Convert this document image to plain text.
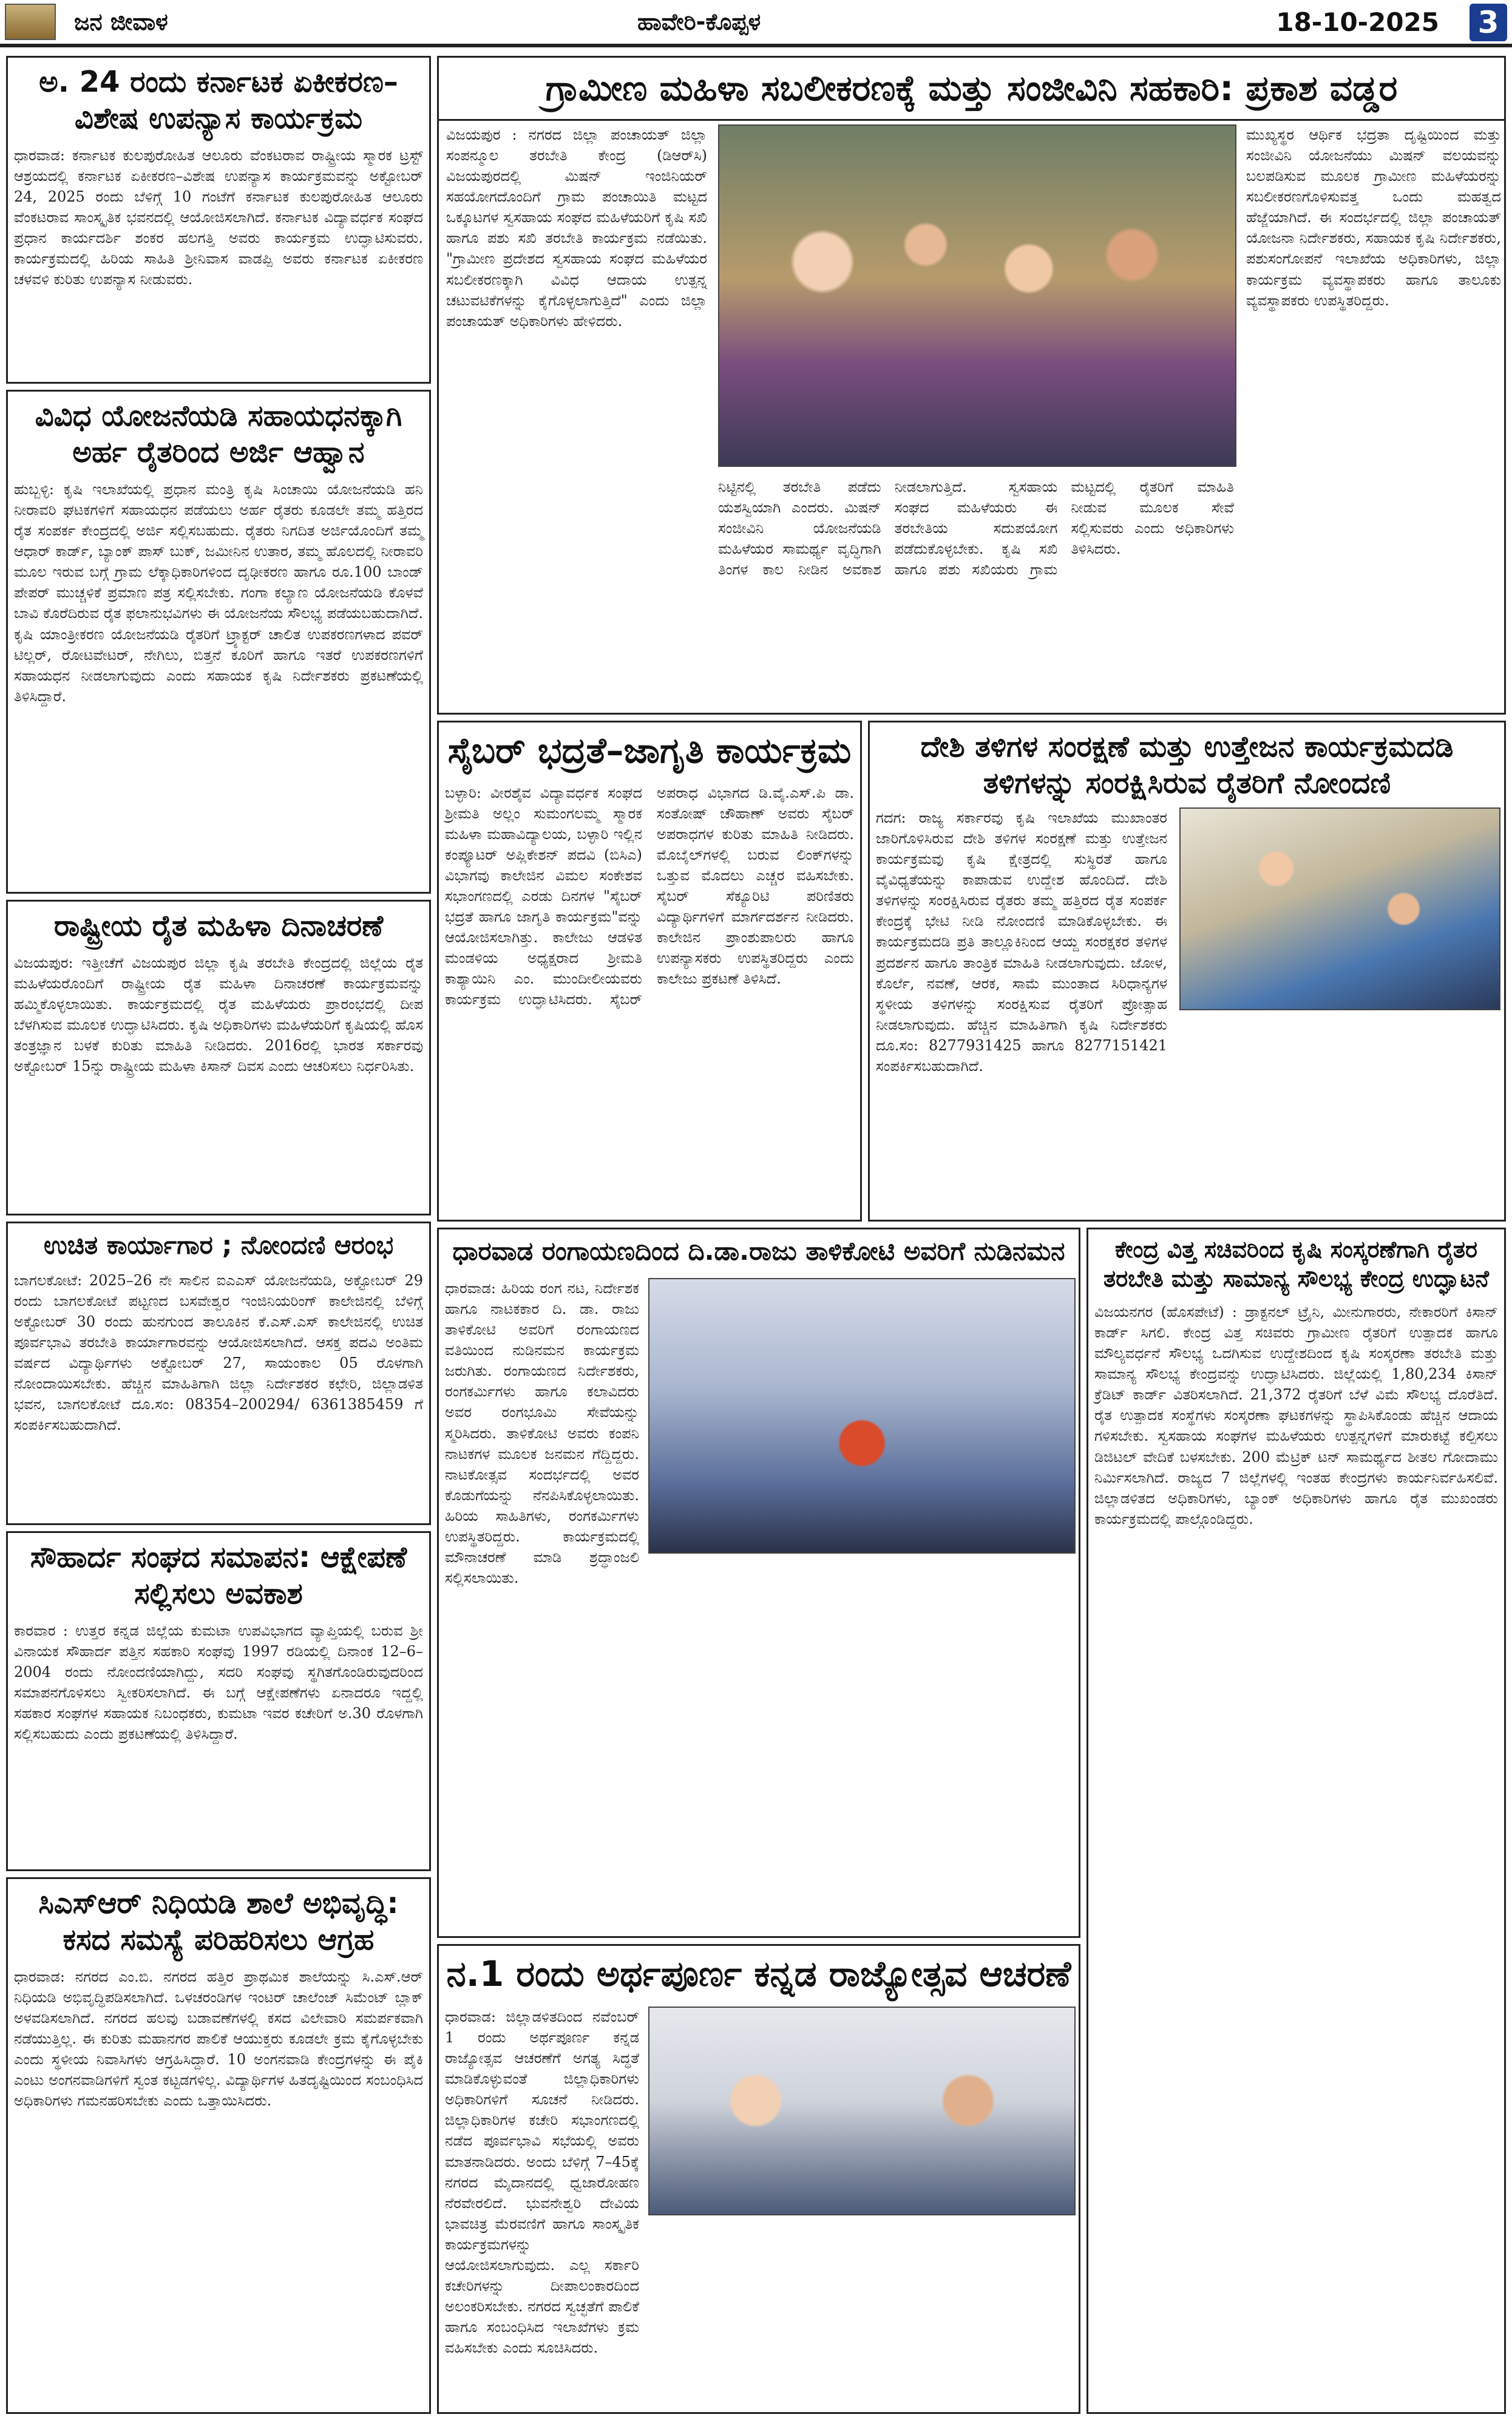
ಜನ ಜೀವಾಳ	ಹಾವೇರಿ-ಕೊಪ್ಪಳ	18-10-2025 3
ಅ. 24 ರಂದು ಕರ್ನಾಟಕ ಏಕೀಕರಣ–ವಿಶೇಷ ಉಪನ್ಯಾಸ ಕಾರ್ಯಕ್ರಮ
ಧಾರವಾಡ: ಕರ್ನಾಟಕ ಕುಲಪುರೋಹಿತ ಆಲೂರು ವೆಂಕಟರಾವ ರಾಷ್ಟ್ರೀಯ ಸ್ಮಾರಕ ಟ್ರಸ್ಟ್ ಆಶ್ರಯದಲ್ಲಿ ಕರ್ನಾಟಕ ಏಕೀಕರಣ–ವಿಶೇಷ ಉಪನ್ಯಾಸ ಕಾರ್ಯಕ್ರಮವನ್ನು ಅಕ್ಟೋಬರ್ 24, 2025 ರಂದು ಬೆಳಿಗ್ಗೆ 10 ಗಂಟೆಗೆ ಕರ್ನಾಟಕ ಕುಲಪುರೋಹಿತ ಆಲೂರು ವೆಂಕಟರಾವ ಸಾಂಸ್ಕೃತಿಕ ಭವನದಲ್ಲಿ ಆಯೋಜಿಸಲಾಗಿದೆ. ಕರ್ನಾಟಕ ವಿದ್ಯಾವರ್ಧಕ ಸಂಘದ ಪ್ರಧಾನ ಕಾರ್ಯದರ್ಶಿ ಶಂಕರ ಹಲಗತ್ತಿ ಅವರು ಕಾರ್ಯಕ್ರಮ ಉದ್ಘಾಟಿಸುವರು. ಕಾರ್ಯಕ್ರಮದಲ್ಲಿ ಹಿರಿಯ ಸಾಹಿತಿ ಶ್ರೀನಿವಾಸ ವಾಡಪ್ಪಿ ಅವರು ಕರ್ನಾಟಕ ಏಕೀಕರಣ ಚಳವಳಿ ಕುರಿತು ಉಪನ್ಯಾಸ ನೀಡುವರು.
ವಿವಿಧ ಯೋಜನೆಯಡಿ ಸಹಾಯಧನಕ್ಕಾಗಿ ಅರ್ಹ ರೈತರಿಂದ ಅರ್ಜಿ ಆಹ್ವಾನ
ಹುಬ್ಬಳ್ಳಿ: ಕೃಷಿ ಇಲಾಖೆಯಲ್ಲಿ ಪ್ರಧಾನ ಮಂತ್ರಿ ಕೃಷಿ ಸಿಂಚಾಯಿ ಯೋಜನೆಯಡಿ ಹನಿ ನೀರಾವರಿ ಘಟಕಗಳಿಗೆ ಸಹಾಯಧನ ಪಡೆಯಲು ಅರ್ಹ ರೈತರು ಕೂಡಲೇ ತಮ್ಮ ಹತ್ತಿರದ ರೈತ ಸಂಪರ್ಕ ಕೇಂದ್ರದಲ್ಲಿ ಅರ್ಜಿ ಸಲ್ಲಿಸಬಹುದು. ರೈತರು ನಿಗದಿತ ಅರ್ಜಿಯೊಂದಿಗೆ ತಮ್ಮ ಆಧಾರ್ ಕಾರ್ಡ್, ಬ್ಯಾಂಕ್ ಪಾಸ್ ಬುಕ್, ಜಮೀನಿನ ಉತಾರ, ತಮ್ಮ ಹೊಲದಲ್ಲಿ ನೀರಾವರಿ ಮೂಲ ಇರುವ ಬಗ್ಗೆ ಗ್ರಾಮ ಲೆಕ್ಕಾಧಿಕಾರಿಗಳಿಂದ ದೃಢೀಕರಣ ಹಾಗೂ ರೂ.100 ಬಾಂಡ್ ಪೇಪರ್ ಮುಚ್ಚಳಿಕೆ ಪ್ರಮಾಣ ಪತ್ರ ಸಲ್ಲಿಸಬೇಕು. ಗಂಗಾ ಕಲ್ಯಾಣ ಯೋಜನೆಯಡಿ ಕೊಳವೆ ಬಾವಿ ಕೊರೆದಿರುವ ರೈತ ಫಲಾನುಭವಿಗಳು ಈ ಯೋಜನೆಯ ಸೌಲಭ್ಯ ಪಡೆಯಬಹುದಾಗಿದೆ. ಕೃಷಿ ಯಾಂತ್ರೀಕರಣ ಯೋಜನೆಯಡಿ ರೈತರಿಗೆ ಟ್ರ್ಯಾಕ್ಟರ್ ಚಾಲಿತ ಉಪಕರಣಗಳಾದ ಪವರ್ ಟಿಲ್ಲರ್, ರೋಟವೇಟರ್, ನೇಗಿಲು, ಬಿತ್ತನೆ ಕೂರಿಗೆ ಹಾಗೂ ಇತರೆ ಉಪಕರಣಗಳಿಗೆ ಸಹಾಯಧನ ನೀಡಲಾಗುವುದು ಎಂದು ಸಹಾಯಕ ಕೃಷಿ ನಿರ್ದೇಶಕರು ಪ್ರಕಟಣೆಯಲ್ಲಿ ತಿಳಿಸಿದ್ದಾರೆ.
ರಾಷ್ಟ್ರೀಯ ರೈತ ಮಹಿಳಾ ದಿನಾಚರಣೆ
ವಿಜಯಪುರ: ಇತ್ತೀಚೆಗೆ ವಿಜಯಪುರ ಜಿಲ್ಲಾ ಕೃಷಿ ತರಬೇತಿ ಕೇಂದ್ರದಲ್ಲಿ ಜಿಲ್ಲೆಯ ರೈತ ಮಹಿಳೆಯರೊಂದಿಗೆ ರಾಷ್ಟ್ರೀಯ ರೈತ ಮಹಿಳಾ ದಿನಾಚರಣೆ ಕಾರ್ಯಕ್ರಮವನ್ನು ಹಮ್ಮಿಕೊಳ್ಳಲಾಯಿತು. ಕಾರ್ಯಕ್ರಮದಲ್ಲಿ ರೈತ ಮಹಿಳೆಯರು ಪ್ರಾರಂಭದಲ್ಲಿ ದೀಪ ಬೆಳಗಿಸುವ ಮೂಲಕ ಉದ್ಘಾಟಿಸಿದರು. ಕೃಷಿ ಅಧಿಕಾರಿಗಳು ಮಹಿಳೆಯರಿಗೆ ಕೃಷಿಯಲ್ಲಿ ಹೊಸ ತಂತ್ರಜ್ಞಾನ ಬಳಕೆ ಕುರಿತು ಮಾಹಿತಿ ನೀಡಿದರು. 2016ರಲ್ಲಿ ಭಾರತ ಸರ್ಕಾರವು ಅಕ್ಟೋಬರ್ 15ನ್ನು ರಾಷ್ಟ್ರೀಯ ಮಹಿಳಾ ಕಿಸಾನ್ ದಿವಸ ಎಂದು ಆಚರಿಸಲು ನಿರ್ಧರಿಸಿತು.
ಉಚಿತ ಕಾರ್ಯಾಗಾರ ; ನೋಂದಣಿ ಆರಂಭ
ಬಾಗಲಕೋಟೆ: 2025–26 ನೇ ಸಾಲಿನ ಐಎಎಸ್ ಯೋಜನೆಯಡಿ, ಅಕ್ಟೋಬರ್ 29 ರಂದು ಬಾಗಲಕೋಟೆ ಪಟ್ಟಣದ ಬಸವೇಶ್ವರ ಇಂಜಿನಿಯರಿಂಗ್ ಕಾಲೇಜಿನಲ್ಲಿ ಬೆಳಿಗ್ಗೆ ಅಕ್ಟೋಬರ್ 30 ರಂದು ಹುನಗುಂದ ತಾಲೂಕಿನ ಕೆ.ಎಸ್.ಎಸ್ ಕಾಲೇಜಿನಲ್ಲಿ ಉಚಿತ ಪೂರ್ವಭಾವಿ ತರಬೇತಿ ಕಾರ್ಯಾಗಾರವನ್ನು ಆಯೋಜಿಸಲಾಗಿದೆ. ಆಸಕ್ತ ಪದವಿ ಅಂತಿಮ ವರ್ಷದ ವಿದ್ಯಾರ್ಥಿಗಳು ಅಕ್ಟೋಬರ್ 27, ಸಾಯಂಕಾಲ 05 ರೊಳಗಾಗಿ ನೋಂದಾಯಿಸಬೇಕು. ಹೆಚ್ಚಿನ ಮಾಹಿತಿಗಾಗಿ ಜಿಲ್ಲಾ ನಿರ್ದೇಶಕರ ಕಛೇರಿ, ಜಿಲ್ಲಾಡಳಿತ ಭವನ, ಬಾಗಲಕೋಟೆ ದೂ.ಸಂ: 08354–200294/ 6361385459 ಗೆ ಸಂಪರ್ಕಿಸಬಹುದಾಗಿದೆ.
ಸೌಹಾರ್ದ ಸಂಘದ ಸಮಾಪನ: ಆಕ್ಷೇಪಣೆ ಸಲ್ಲಿಸಲು ಅವಕಾಶ
ಕಾರವಾರ : ಉತ್ತರ ಕನ್ನಡ ಜಿಲ್ಲೆಯ ಕುಮಟಾ ಉಪವಿಭಾಗದ ವ್ಯಾಪ್ತಿಯಲ್ಲಿ ಬರುವ ಶ್ರೀ ವಿನಾಯಕ ಸೌಹಾರ್ದ ಪತ್ತಿನ ಸಹಕಾರಿ ಸಂಘವು 1997 ರಡಿಯಲ್ಲಿ ದಿನಾಂಕ 12–6–2004 ರಂದು ನೋಂದಣಿಯಾಗಿದ್ದು, ಸದರಿ ಸಂಘವು ಸ್ಥಗಿತಗೊಂಡಿರುವುದರಿಂದ ಸಮಾಪನಗೊಳಿಸಲು ಸ್ವೀಕರಿಸಲಾಗಿದೆ. ಈ ಬಗ್ಗೆ ಆಕ್ಷೇಪಣೆಗಳು ಏನಾದರೂ ಇದ್ದಲ್ಲಿ ಸಹಕಾರ ಸಂಘಗಳ ಸಹಾಯಕ ನಿಬಂಧಕರು, ಕುಮಟಾ ಇವರ ಕಚೇರಿಗೆ ಅ.30 ರೊಳಗಾಗಿ ಸಲ್ಲಿಸಬಹುದು ಎಂದು ಪ್ರಕಟಣೆಯಲ್ಲಿ ತಿಳಿಸಿದ್ದಾರೆ.
ಸಿಎಸ್‌ಆರ್ ನಿಧಿಯಡಿ ಶಾಲೆ ಅಭಿವೃದ್ಧಿ: ಕಸದ ಸಮಸ್ಯೆ ಪರಿಹರಿಸಲು ಆಗ್ರಹ
ಧಾರವಾಡ: ನಗರದ ಎಂ.ಬಿ. ನಗರದ ಹತ್ತಿರ ಪ್ರಾಥಮಿಕ ಶಾಲೆಯನ್ನು ಸಿ.ಎಸ್.ಆರ್ ನಿಧಿಯಡಿ ಅಭಿವೃದ್ಧಿಪಡಿಸಲಾಗಿದೆ. ಒಳಚರಂಡಿಗಳ ಇಂಟರ್ ಚಾಲೆಂಜ್ ಸಿಮೆಂಟ್ ಬ್ಲಾಕ್ ಅಳವಡಿಸಲಾಗಿದೆ. ನಗರದ ಹಲವು ಬಡಾವಣೆಗಳಲ್ಲಿ ಕಸದ ವಿಲೇವಾರಿ ಸಮರ್ಪಕವಾಗಿ ನಡೆಯುತ್ತಿಲ್ಲ. ಈ ಕುರಿತು ಮಹಾನಗರ ಪಾಲಿಕೆ ಆಯುಕ್ತರು ಕೂಡಲೇ ಕ್ರಮ ಕೈಗೊಳ್ಳಬೇಕು ಎಂದು ಸ್ಥಳೀಯ ನಿವಾಸಿಗಳು ಆಗ್ರಹಿಸಿದ್ದಾರೆ. 10 ಅಂಗನವಾಡಿ ಕೇಂದ್ರಗಳನ್ನು ಈ ಪೈಕಿ ಎಂಟು ಅಂಗನವಾಡಿಗಳಿಗೆ ಸ್ವಂತ ಕಟ್ಟಡಗಳಿಲ್ಲ. ವಿದ್ಯಾರ್ಥಿಗಳ ಹಿತದೃಷ್ಟಿಯಿಂದ ಸಂಬಂಧಿಸಿದ ಅಧಿಕಾರಿಗಳು ಗಮನಹರಿಸಬೇಕು ಎಂದು ಒತ್ತಾಯಿಸಿದರು.
ಗ್ರಾಮೀಣ ಮಹಿಳಾ ಸಬಲೀಕರಣಕ್ಕೆ ಮತ್ತು ಸಂಜೀವಿನಿ ಸಹಕಾರಿ: ಪ್ರಕಾಶ ವಡ್ಡರ
ವಿಜಯಪುರ : ನಗರದ ಜಿಲ್ಲಾ ಪಂಚಾಯತ್ ಜಿಲ್ಲಾ ಸಂಪನ್ಮೂಲ ತರಬೇತಿ ಕೇಂದ್ರ (ಡಿಆರ್‌ಸಿ) ವಿಜಯಪುರದಲ್ಲಿ ಮಿಷನ್ ಇಂಜಿನಿಯರ್ ಸಹಯೋಗದೊಂದಿಗೆ ಗ್ರಾಮ ಪಂಚಾಯಿತಿ ಮಟ್ಟದ ಒಕ್ಕೂಟಗಳ ಸ್ವಸಹಾಯ ಸಂಘದ ಮಹಿಳೆಯರಿಗೆ ಕೃಷಿ ಸಖಿ ಹಾಗೂ ಪಶು ಸಖಿ ತರಬೇತಿ ಕಾರ್ಯಕ್ರಮ ನಡೆಯಿತು. "ಗ್ರಾಮೀಣ ಪ್ರದೇಶದ ಸ್ವಸಹಾಯ ಸಂಘದ ಮಹಿಳೆಯರ ಸಬಲೀಕರಣಕ್ಕಾಗಿ ವಿವಿಧ ಆದಾಯ ಉತ್ಪನ್ನ ಚಟುವಟಿಕೆಗಳನ್ನು ಕೈಗೊಳ್ಳಲಾಗುತ್ತಿದೆ" ಎಂದು ಜಿಲ್ಲಾ ಪಂಚಾಯತ್ ಅಧಿಕಾರಿಗಳು ಹೇಳಿದರು.
ನಿಟ್ಟಿನಲ್ಲಿ ತರಬೇತಿ ಪಡೆದು ಯಶಸ್ವಿಯಾಗಿ ಎಂದರು. ಮಿಷನ್ ಸಂಜೀವಿನಿ ಯೋಜನೆಯಡಿ ಮಹಿಳೆಯರ ಸಾಮರ್ಥ್ಯ ವೃದ್ಧಿಗಾಗಿ ತಿಂಗಳ ಕಾಲ ನೀಡಿನ ಅವಕಾಶ ನೀಡಲಾಗುತ್ತಿದೆ. ಸ್ವಸಹಾಯ ಸಂಘದ ಮಹಿಳೆಯರು ಈ ತರಬೇತಿಯ ಸದುಪಯೋಗ ಪಡೆದುಕೊಳ್ಳಬೇಕು. ಕೃಷಿ ಸಖಿ ಹಾಗೂ ಪಶು ಸಖಿಯರು ಗ್ರಾಮ ಮಟ್ಟದಲ್ಲಿ ರೈತರಿಗೆ ಮಾಹಿತಿ ನೀಡುವ ಮೂಲಕ ಸೇವೆ ಸಲ್ಲಿಸುವರು ಎಂದು ಅಧಿಕಾರಿಗಳು ತಿಳಿಸಿದರು.
ಮುಖ್ಯಸ್ಥರ ಆರ್ಥಿಕ ಭದ್ರತಾ ದೃಷ್ಟಿಯಿಂದ ಮತ್ತು ಸಂಜೀವಿನಿ ಯೋಜನೆಯು ಮಿಷನ್ ವಲಯವನ್ನು ಬಲಪಡಿಸುವ ಮೂಲಕ ಗ್ರಾಮೀಣ ಮಹಿಳೆಯರನ್ನು ಸಬಲೀಕರಣಗೊಳಿಸುವತ್ತ ಒಂದು ಮಹತ್ವದ ಹೆಜ್ಜೆಯಾಗಿದೆ. ಈ ಸಂದರ್ಭದಲ್ಲಿ ಜಿಲ್ಲಾ ಪಂಚಾಯತ್ ಯೋಜನಾ ನಿರ್ದೇಶಕರು, ಸಹಾಯಕ ಕೃಷಿ ನಿರ್ದೇಶಕರು, ಪಶುಸಂಗೋಪನೆ ಇಲಾಖೆಯ ಅಧಿಕಾರಿಗಳು, ಜಿಲ್ಲಾ ಕಾರ್ಯಕ್ರಮ ವ್ಯವಸ್ಥಾಪಕರು ಹಾಗೂ ತಾಲೂಕು ವ್ಯವಸ್ಥಾಪಕರು ಉಪಸ್ಥಿತರಿದ್ದರು.
ಸೈಬರ್ ಭದ್ರತೆ–ಜಾಗೃತಿ ಕಾರ್ಯಕ್ರಮ
ಬಳ್ಳಾರಿ: ವೀರಶೈವ ವಿದ್ಯಾವರ್ಧಕ ಸಂಘದ ಶ್ರೀಮತಿ ಅಲ್ಲಂ ಸುಮಂಗಲಮ್ಮ ಸ್ಮಾರಕ ಮಹಿಳಾ ಮಹಾವಿದ್ಯಾಲಯ, ಬಳ್ಳಾರಿ ಇಲ್ಲಿನ ಕಂಪ್ಯೂಟರ್ ಅಪ್ಲಿಕೇಶನ್ ಪದವಿ (ಬಿಸಿಎ) ವಿಭಾಗವು ಕಾಲೇಜಿನ ವಿಮಲ ಸಂಕೇಶವ ಸಭಾಂಗಣದಲ್ಲಿ ಎರಡು ದಿನಗಳ "ಸೈಬರ್ ಭದ್ರತೆ ಹಾಗೂ ಜಾಗೃತಿ ಕಾರ್ಯಕ್ರಮ"ವನ್ನು ಆಯೋಜಿಸಲಾಗಿತ್ತು. ಕಾಲೇಜು ಆಡಳಿತ ಮಂಡಳಿಯ ಅಧ್ಯಕ್ಷರಾದ ಶ್ರೀಮತಿ ಕಾಶ್ಯಾಯಿನಿ ಎಂ. ಮುಂದೀಲೀಯವರು ಕಾರ್ಯಕ್ರಮ ಉದ್ಘಾಟಿಸಿದರು. ಸೈಬರ್ ಅಪರಾಧ ವಿಭಾಗದ ಡಿ.ವೈ.ಎಸ್.ಪಿ ಡಾ. ಸಂತೋಷ್ ಚೌಹಾಣ್ ಅವರು ಸೈಬರ್ ಅಪರಾಧಗಳ ಕುರಿತು ಮಾಹಿತಿ ನೀಡಿದರು. ಮೊಬೈಲ್‌ಗಳಲ್ಲಿ ಬರುವ ಲಿಂಕ್‌ಗಳನ್ನು ಒತ್ತುವ ಮೊದಲು ಎಚ್ಚರ ವಹಿಸಬೇಕು. ಸೈಬರ್ ಸೆಕ್ಯೂರಿಟಿ ಪರಿಣಿತರು ವಿದ್ಯಾರ್ಥಿಗಳಿಗೆ ಮಾರ್ಗದರ್ಶನ ನೀಡಿದರು. ಕಾಲೇಜಿನ ಪ್ರಾಂಶುಪಾಲರು ಹಾಗೂ ಉಪನ್ಯಾಸಕರು ಉಪಸ್ಥಿತರಿದ್ದರು ಎಂದು ಕಾಲೇಜು ಪ್ರಕಟಣೆ ತಿಳಿಸಿದೆ.
ದೇಶಿ ತಳಿಗಳ ಸಂರಕ್ಷಣೆ ಮತ್ತು ಉತ್ತೇಜನ ಕಾರ್ಯಕ್ರಮದಡಿ ತಳಿಗಳನ್ನು ಸಂರಕ್ಷಿಸಿರುವ ರೈತರಿಗೆ ನೋಂದಣಿ
ಗದಗ: ರಾಜ್ಯ ಸರ್ಕಾರವು ಕೃಷಿ ಇಲಾಖೆಯ ಮುಖಾಂತರ ಜಾರಿಗೊಳಿಸಿರುವ ದೇಶಿ ತಳಿಗಳ ಸಂರಕ್ಷಣೆ ಮತ್ತು ಉತ್ತೇಜನ ಕಾರ್ಯಕ್ರಮವು ಕೃಷಿ ಕ್ಷೇತ್ರದಲ್ಲಿ ಸುಸ್ಥಿರತೆ ಹಾಗೂ ವೈವಿಧ್ಯತೆಯನ್ನು ಕಾಪಾಡುವ ಉದ್ದೇಶ ಹೊಂದಿದೆ. ದೇಶಿ ತಳಿಗಳನ್ನು ಸಂರಕ್ಷಿಸಿರುವ ರೈತರು ತಮ್ಮ ಹತ್ತಿರದ ರೈತ ಸಂಪರ್ಕ ಕೇಂದ್ರಕ್ಕೆ ಭೇಟಿ ನೀಡಿ ನೋಂದಣಿ ಮಾಡಿಕೊಳ್ಳಬೇಕು. ಈ ಕಾರ್ಯಕ್ರಮದಡಿ ಪ್ರತಿ ತಾಲ್ಲೂಕಿನಿಂದ ಆಯ್ದ ಸಂರಕ್ಷಕರ ತಳಿಗಳ ಪ್ರದರ್ಶನ ಹಾಗೂ ತಾಂತ್ರಿಕ ಮಾಹಿತಿ ನೀಡಲಾಗುವುದು. ಜೋಳ, ಕೊರ್ಲೆ, ನವಣೆ, ಆರಕ, ಸಾಮೆ ಮುಂತಾದ ಸಿರಿಧಾನ್ಯಗಳ ಸ್ಥಳೀಯ ತಳಿಗಳನ್ನು ಸಂರಕ್ಷಿಸುವ ರೈತರಿಗೆ ಪ್ರೋತ್ಸಾಹ ನೀಡಲಾಗುವುದು. ಹೆಚ್ಚಿನ ಮಾಹಿತಿಗಾಗಿ ಕೃಷಿ ನಿರ್ದೇಶಕರು ದೂ.ಸಂ: 8277931425 ಹಾಗೂ 8277151421 ಸಂಪರ್ಕಿಸಬಹುದಾಗಿದೆ.
ಧಾರವಾಡ ರಂಗಾಯಣದಿಂದ ದಿ.ಡಾ.ರಾಜು ತಾಳಿಕೋಟಿ ಅವರಿಗೆ ನುಡಿನಮನ
ಧಾರವಾಡ: ಹಿರಿಯ ರಂಗ ನಟ, ನಿರ್ದೇಶಕ ಹಾಗೂ ನಾಟಕಕಾರ ದಿ. ಡಾ. ರಾಜು ತಾಳಿಕೋಟಿ ಅವರಿಗೆ ರಂಗಾಯಣದ ವತಿಯಿಂದ ನುಡಿನಮನ ಕಾರ್ಯಕ್ರಮ ಜರುಗಿತು. ರಂಗಾಯಣದ ನಿರ್ದೇಶಕರು, ರಂಗಕರ್ಮಿಗಳು ಹಾಗೂ ಕಲಾವಿದರು ಅವರ ರಂಗಭೂಮಿ ಸೇವೆಯನ್ನು ಸ್ಮರಿಸಿದರು. ತಾಳಿಕೋಟಿ ಅವರು ಕಂಪನಿ ನಾಟಕಗಳ ಮೂಲಕ ಜನಮನ ಗೆದ್ದಿದ್ದರು. ನಾಟಕೋತ್ಸವ ಸಂದರ್ಭದಲ್ಲಿ ಅವರ ಕೊಡುಗೆಯನ್ನು ನೆನಪಿಸಿಕೊಳ್ಳಲಾಯಿತು. ಹಿರಿಯ ಸಾಹಿತಿಗಳು, ರಂಗಕರ್ಮಿಗಳು ಉಪಸ್ಥಿತರಿದ್ದರು. ಕಾರ್ಯಕ್ರಮದಲ್ಲಿ ಮೌನಾಚರಣೆ ಮಾಡಿ ಶ್ರದ್ಧಾಂಜಲಿ ಸಲ್ಲಿಸಲಾಯಿತು.
ನ.1 ರಂದು ಅರ್ಥಪೂರ್ಣ ಕನ್ನಡ ರಾಜ್ಯೋತ್ಸವ ಆಚರಣೆ
ಧಾರವಾಡ: ಜಿಲ್ಲಾಡಳಿತದಿಂದ ನವೆಂಬರ್ 1 ರಂದು ಅರ್ಥಪೂರ್ಣ ಕನ್ನಡ ರಾಜ್ಯೋತ್ಸವ ಆಚರಣೆಗೆ ಅಗತ್ಯ ಸಿದ್ಧತೆ ಮಾಡಿಕೊಳ್ಳುವಂತೆ ಜಿಲ್ಲಾಧಿಕಾರಿಗಳು ಅಧಿಕಾರಿಗಳಿಗೆ ಸೂಚನೆ ನೀಡಿದರು. ಜಿಲ್ಲಾಧಿಕಾರಿಗಳ ಕಚೇರಿ ಸಭಾಂಗಣದಲ್ಲಿ ನಡೆದ ಪೂರ್ವಭಾವಿ ಸಭೆಯಲ್ಲಿ ಅವರು ಮಾತನಾಡಿದರು. ಅಂದು ಬೆಳಿಗ್ಗೆ 7–45ಕ್ಕೆ ನಗರದ ಮೈದಾನದಲ್ಲಿ ಧ್ವಜಾರೋಹಣ ನೆರವೇರಲಿದೆ. ಭುವನೇಶ್ವರಿ ದೇವಿಯ ಭಾವಚಿತ್ರ ಮೆರವಣಿಗೆ ಹಾಗೂ ಸಾಂಸ್ಕೃತಿಕ ಕಾರ್ಯಕ್ರಮಗಳನ್ನು ಆಯೋಜಿಸಲಾಗುವುದು. ಎಲ್ಲ ಸರ್ಕಾರಿ ಕಚೇರಿಗಳನ್ನು ದೀಪಾಲಂಕಾರದಿಂದ ಅಲಂಕರಿಸಬೇಕು. ನಗರದ ಸ್ವಚ್ಛತೆಗೆ ಪಾಲಿಕೆ ಹಾಗೂ ಸಂಬಂಧಿಸಿದ ಇಲಾಖೆಗಳು ಕ್ರಮ ವಹಿಸಬೇಕು ಎಂದು ಸೂಚಿಸಿದರು.
ಕೇಂದ್ರ ವಿತ್ತ ಸಚಿವರಿಂದ ಕೃಷಿ ಸಂಸ್ಕರಣೆಗಾಗಿ ರೈತರ ತರಬೇತಿ ಮತ್ತು ಸಾಮಾನ್ಯ ಸೌಲಭ್ಯ ಕೇಂದ್ರ ಉದ್ಘಾಟನೆ
ವಿಜಯನಗರ (ಹೊಸಪೇಟೆ) : ಡ್ರಾಕ್ಟನಲ್ ಟ್ರೈನಿ, ಮೀನುಗಾರರು, ನೇಕಾರರಿಗೆ ಕಿಸಾನ್ ಕಾರ್ಡ್ ಸಿಗಲಿ. ಕೇಂದ್ರ ವಿತ್ತ ಸಚಿವರು ಗ್ರಾಮೀಣ ರೈತರಿಗೆ ಉತ್ಪಾದಕ ಹಾಗೂ ಮೌಲ್ಯವರ್ಧನೆ ಸೌಲಭ್ಯ ಒದಗಿಸುವ ಉದ್ದೇಶದಿಂದ ಕೃಷಿ ಸಂಸ್ಕರಣಾ ತರಬೇತಿ ಮತ್ತು ಸಾಮಾನ್ಯ ಸೌಲಭ್ಯ ಕೇಂದ್ರವನ್ನು ಉದ್ಘಾಟಿಸಿದರು. ಜಿಲ್ಲೆಯಲ್ಲಿ 1,80,234 ಕಿಸಾನ್ ಕ್ರೆಡಿಟ್ ಕಾರ್ಡ್ ವಿತರಿಸಲಾಗಿದೆ. 21,372 ರೈತರಿಗೆ ಬೆಳೆ ವಿಮೆ ಸೌಲಭ್ಯ ದೊರೆತಿದೆ. ರೈತ ಉತ್ಪಾದಕ ಸಂಸ್ಥೆಗಳು ಸಂಸ್ಕರಣಾ ಘಟಕಗಳನ್ನು ಸ್ಥಾಪಿಸಿಕೊಂಡು ಹೆಚ್ಚಿನ ಆದಾಯ ಗಳಿಸಬೇಕು. ಸ್ವಸಹಾಯ ಸಂಘಗಳ ಮಹಿಳೆಯರು ಉತ್ಪನ್ನಗಳಿಗೆ ಮಾರುಕಟ್ಟೆ ಕಲ್ಪಿಸಲು ಡಿಜಿಟಲ್ ವೇದಿಕೆ ಬಳಸಬೇಕು. 200 ಮೆಟ್ರಿಕ್ ಟನ್ ಸಾಮರ್ಥ್ಯದ ಶೀತಲ ಗೋದಾಮು ನಿರ್ಮಿಸಲಾಗಿದೆ. ರಾಜ್ಯದ 7 ಜಿಲ್ಲೆಗಳಲ್ಲಿ ಇಂತಹ ಕೇಂದ್ರಗಳು ಕಾರ್ಯನಿರ್ವಹಿಸಲಿವೆ. ಜಿಲ್ಲಾಡಳಿತದ ಅಧಿಕಾರಿಗಳು, ಬ್ಯಾಂಕ್ ಅಧಿಕಾರಿಗಳು ಹಾಗೂ ರೈತ ಮುಖಂಡರು ಕಾರ್ಯಕ್ರಮದಲ್ಲಿ ಪಾಲ್ಗೊಂಡಿದ್ದರು.
